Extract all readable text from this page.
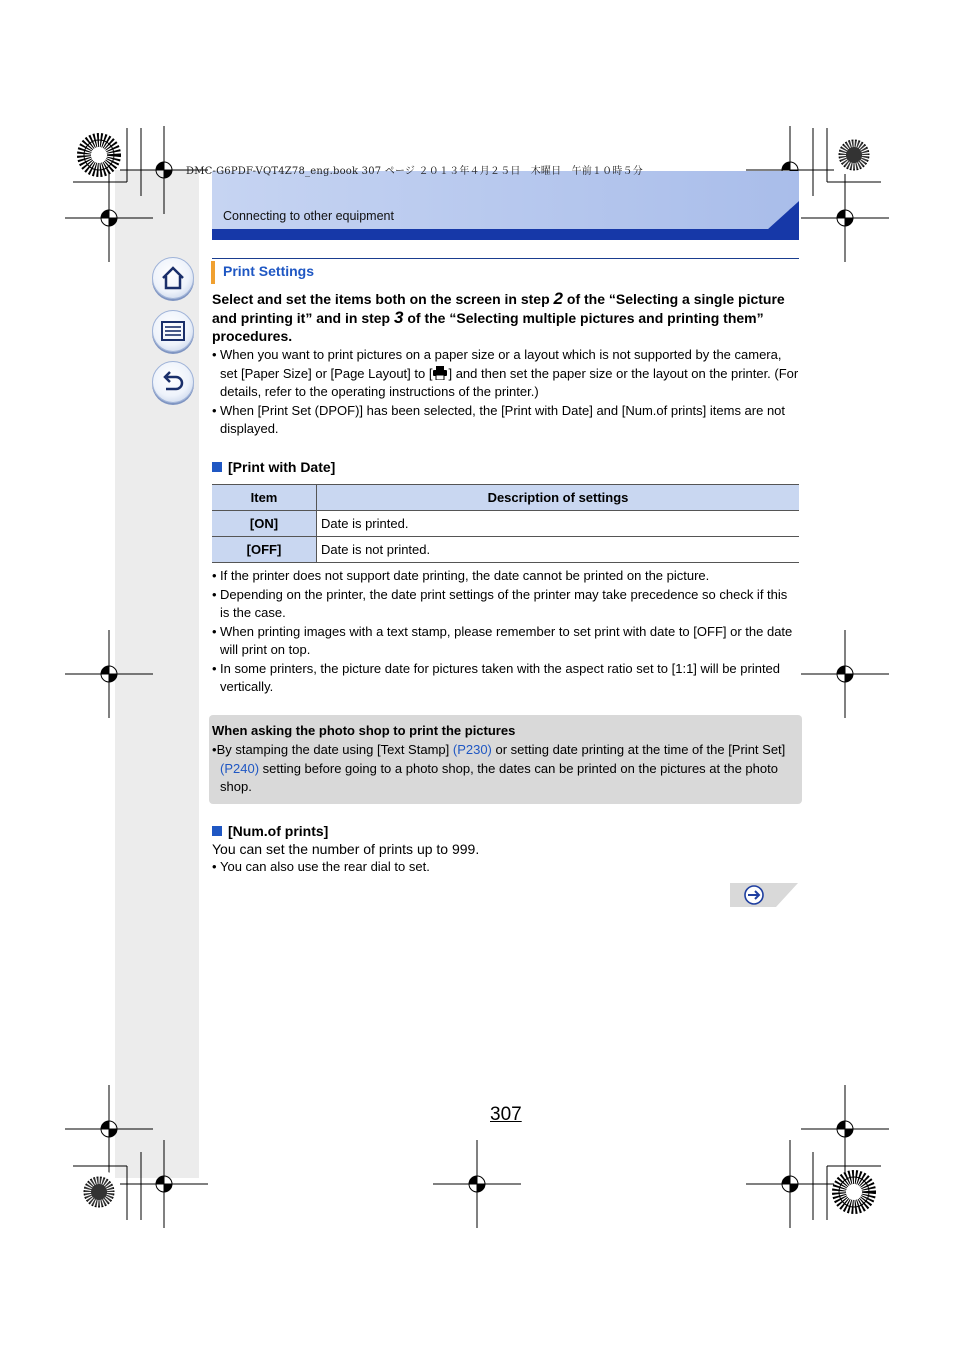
Connecting to other equipment
DMC-G6PDF-VQT4Z78_eng.book 307 ページ ２０１３年４月２５日　木曜日　午前１０時５分
Print Settings
Select and set the items both on the screen in step 2 of the “Selecting a single picture and printing it” and in step 3 of the “Selecting multiple pictures and printing them” procedures.
• When you want to print pictures on a paper size or a layout which is not supported by the camera, set [Paper Size] or [Page Layout] to [ ] and then set the paper size or the layout on the printer. (For details, refer to the operating instructions of the printer.)
• When [Print Set (DPOF)] has been selected, the [Print with Date] and [Num.of prints] items are not displayed.
[Print with Date]
Item	Description of settings
[ON]	Date is printed.
[OFF]	Date is not printed.
• If the printer does not support date printing, the date cannot be printed on the picture.
• Depending on the printer, the date print settings of the printer may take precedence so check if this is the case.
• When printing images with a text stamp, please remember to set print with date to [OFF] or the date will print on top.
• In some printers, the picture date for pictures taken with the aspect ratio set to [1:1] will be printed vertically.
When asking the photo shop to print the pictures
•By stamping the date using [Text Stamp] (P230) or setting date printing at the time of the [Print Set] (P240) setting before going to a photo shop, the dates can be printed on the pictures at the photo shop.
[Num.of prints]
You can set the number of prints up to 999.
• You can also use the rear dial to set.
307
